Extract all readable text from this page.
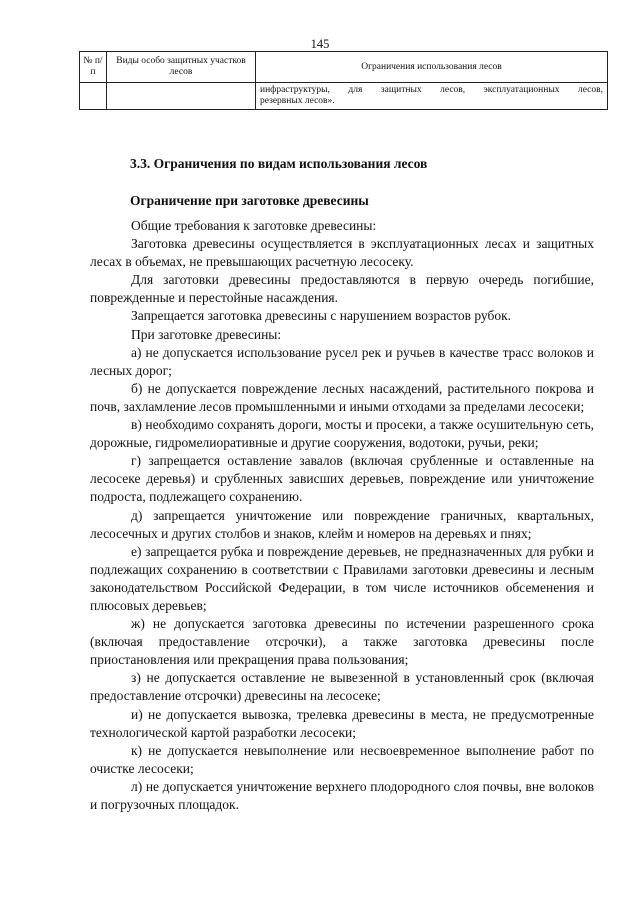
145
№ п/п	Виды особо защитных участков лесов	Ограничения использования лесов

		инфраструктуры, для защитных лесов, эксплуатационных лесов,
резервных лесов».
3.3. Ограничения по видам использования лесов
Ограничение при заготовке древесины

Общие требования к заготовке древесины:

Заготовка древесины осуществляется в эксплуатационных лесах и защитных лесах в объемах, не превышающих расчетную лесосеку.

Для заготовки древесины предоставляются в первую очередь погибшие, поврежденные и перестойные насаждения.

Запрещается заготовка древесины с нарушением возрастов рубок.

При заготовке древесины:

а) не допускается использование русел рек и ручьев в качестве трасс волоков и лесных дорог;

б) не допускается повреждение лесных насаждений, растительного покрова и почв, захламление лесов промышленными и иными отходами за пределами лесосеки;

в) необходимо сохранять дороги, мосты и просеки, а также осушительную сеть, дорожные, гидромелиоративные и другие сооружения, водотоки, ручьи, реки;

г) запрещается оставление завалов (включая срубленные и оставленные на лесосеке деревья) и срубленных зависших деревьев, повреждение или уничтожение подроста, подлежащего сохранению.

д) запрещается уничтожение или повреждение граничных, квартальных, лесосечных и других столбов и знаков, клейм и номеров на деревьях и пнях;

е) запрещается рубка и повреждение деревьев, не предназначенных для рубки и подлежащих сохранению в соответствии с Правилами заготовки древесины и лесным законодательством Российской Федерации, в том числе источников обсеменения и плюсовых деревьев;

ж) не допускается заготовка древесины по истечении разрешенного срока (включая предоставление отсрочки), а также заготовка древесины после приостановления или прекращения права пользования;

з) не допускается оставление не вывезенной в установленный срок (включая предоставление отсрочки) древесины на лесосеке;

и) не допускается вывозка, трелевка древесины в места, не предусмотренные технологической картой разработки лесосеки;

к) не допускается невыполнение или несвоевременное выполнение работ по очистке лесосеки;

л) не допускается уничтожение верхнего плодородного слоя почвы, вне волоков и погрузочных площадок.
